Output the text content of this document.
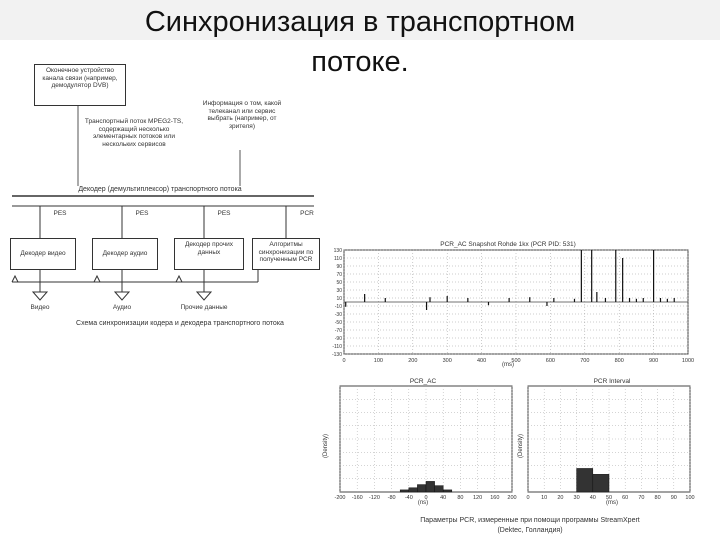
Синхронизация в транспортном
потоке.
Оконечное устройство канала связи (например, демодулятор DVB)
Транспортный поток MPEG2-TS, содержащий несколько элементарных потоков или нескольких сервисов
Информация о том, какой телеканал или сервис выбрать (например, от зрителя)
Декодер (демультиплексор) транспортного потока
PES	PES	PES	PCR
Декодер видео	Декодер аудио
Декодер прочих данных
Алгоритмы синхронизации по полученным PCR
Видео	Аудио	Прочие данные
Схема синхронизации кодера и декодера транспортного потока
130
110
90
70
50
30
10
-10
-30
-50
-70
-90
-110
-130
0	100	200	300	400	500	600	700	800	900	1000
PCR_AC Snapshot Rohde 1kx (PCR PID: 531)
(ms)
-200 -160 -120 -80 -40 0 40 80 120 160 200
PCR_AC
(Density)
(ns)
0 10 20 30 40 50 60 70 80 90 100
PCR Interval
(Density)
(ms)
Параметры PCR, измеренные при помощи программы StreamXpert
(Dektec, Голландия)
